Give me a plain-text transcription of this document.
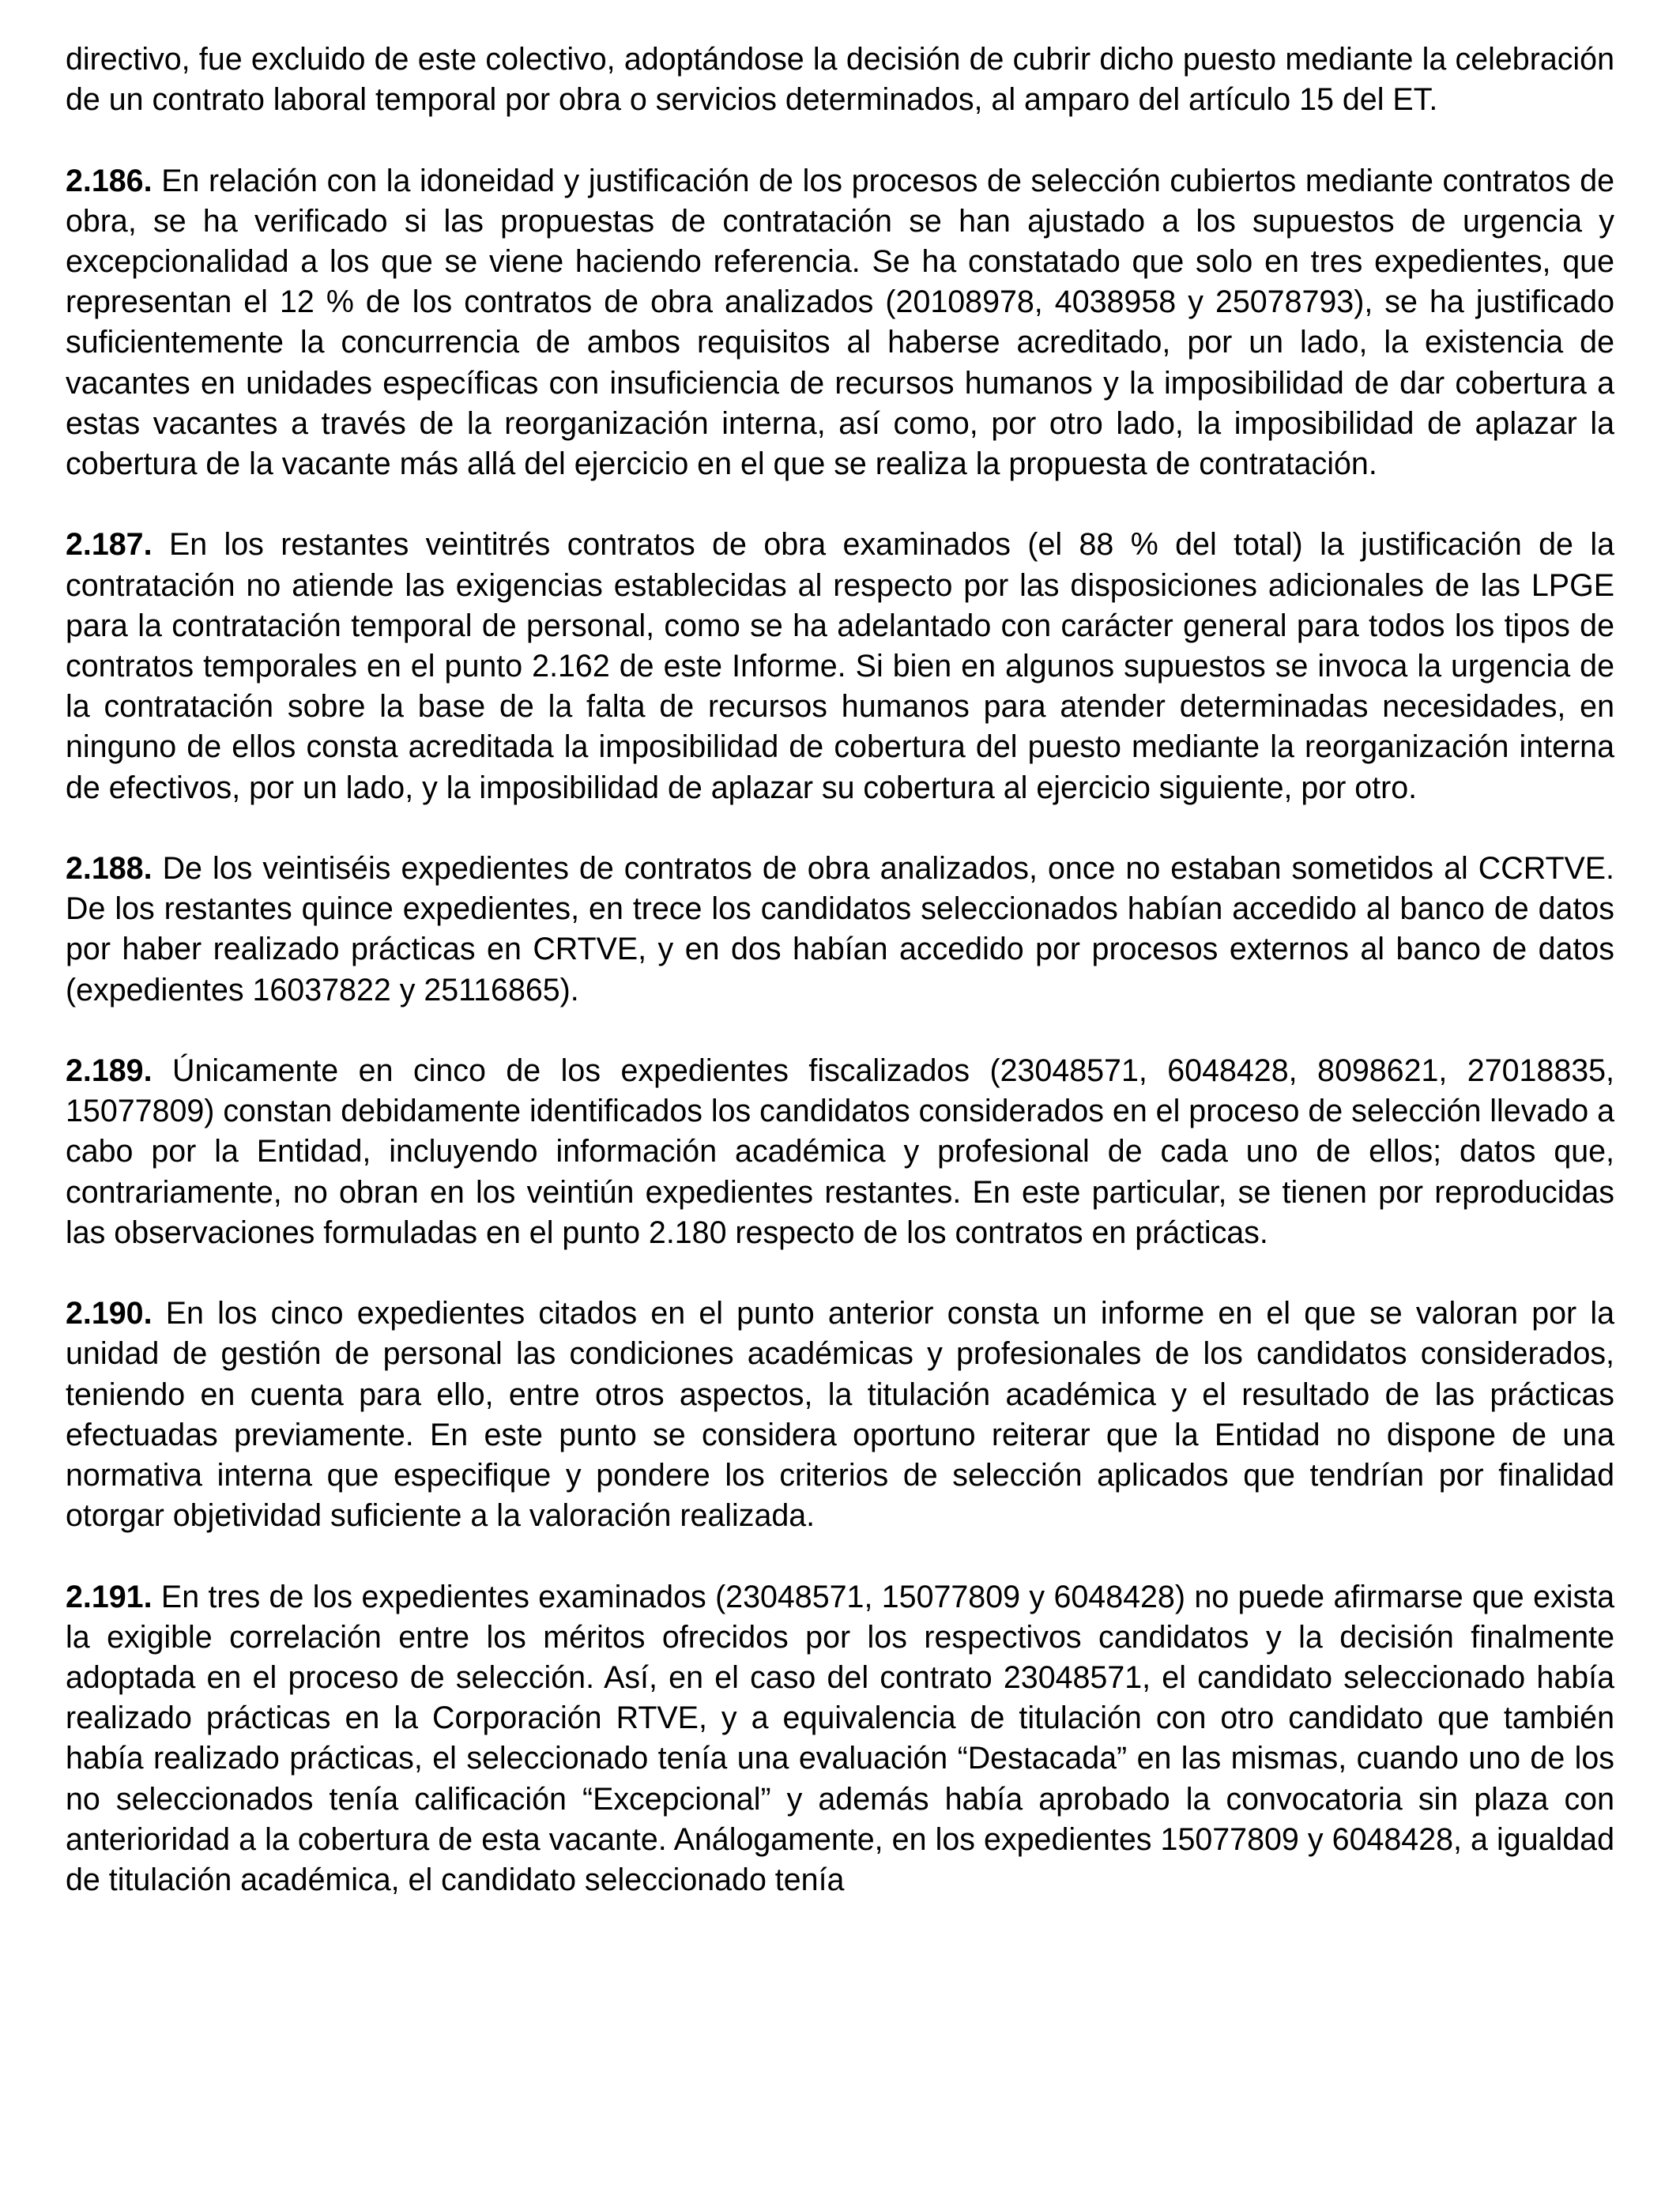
directivo, fue excluido de este colectivo, adoptándose la decisión de cubrir dicho puesto mediante la celebración de un contrato laboral temporal por obra o servicios determinados, al amparo del artículo 15 del ET.

2.186. En relación con la idoneidad y justificación de los procesos de selección cubiertos mediante contratos de obra, se ha verificado si las propuestas de contratación se han ajustado a los supuestos de urgencia y excepcionalidad a los que se viene haciendo referencia. Se ha constatado que solo en tres expedientes, que representan el 12 % de los contratos de obra analizados (20108978, 4038958 y 25078793), se ha justificado suficientemente la concurrencia de ambos requisitos al haberse acreditado, por un lado, la existencia de vacantes en unidades específicas con insuficiencia de recursos humanos y la imposibilidad de dar cobertura a estas vacantes a través de la reorganización interna, así como, por otro lado, la imposibilidad de aplazar la cobertura de la vacante más allá del ejercicio en el que se realiza la propuesta de contratación.

2.187. En los restantes veintitrés contratos de obra examinados (el 88 % del total) la justificación de la contratación no atiende las exigencias establecidas al respecto por las disposiciones adicionales de las LPGE para la contratación temporal de personal, como se ha adelantado con carácter general para todos los tipos de contratos temporales en el punto 2.162 de este Informe. Si bien en algunos supuestos se invoca la urgencia de la contratación sobre la base de la falta de recursos humanos para atender determinadas necesidades, en ninguno de ellos consta acreditada la imposibilidad de cobertura del puesto mediante la reorganización interna de efectivos, por un lado, y la imposibilidad de aplazar su cobertura al ejercicio siguiente, por otro.

2.188. De los veintiséis expedientes de contratos de obra analizados, once no estaban sometidos al CCRTVE. De los restantes quince expedientes, en trece los candidatos seleccionados habían accedido al banco de datos por haber realizado prácticas en CRTVE, y en dos habían accedido por procesos externos al banco de datos (expedientes 16037822 y 25116865).

2.189. Únicamente en cinco de los expedientes fiscalizados (23048571, 6048428, 8098621, 27018835, 15077809) constan debidamente identificados los candidatos considerados en el proceso de selección llevado a cabo por la Entidad, incluyendo información académica y profesional de cada uno de ellos; datos que, contrariamente, no obran en los veintiún expedientes restantes. En este particular, se tienen por reproducidas las observaciones formuladas en el punto 2.180 respecto de los contratos en prácticas.

2.190. En los cinco expedientes citados en el punto anterior consta un informe en el que se valoran por la unidad de gestión de personal las condiciones académicas y profesionales de los candidatos considerados, teniendo en cuenta para ello, entre otros aspectos, la titulación académica y el resultado de las prácticas efectuadas previamente. En este punto se considera oportuno reiterar que la Entidad no dispone de una normativa interna que especifique y pondere los criterios de selección aplicados que tendrían por finalidad otorgar objetividad suficiente a la valoración realizada.

2.191. En tres de los expedientes examinados (23048571, 15077809 y 6048428) no puede afirmarse que exista la exigible correlación entre los méritos ofrecidos por los respectivos candidatos y la decisión finalmente adoptada en el proceso de selección. Así, en el caso del contrato 23048571, el candidato seleccionado había realizado prácticas en la Corporación RTVE, y a equivalencia de titulación con otro candidato que también había realizado prácticas, el seleccionado tenía una evaluación “Destacada” en las mismas, cuando uno de los no seleccionados tenía calificación “Excepcional” y además había aprobado la convocatoria sin plaza con anterioridad a la cobertura de esta vacante. Análogamente, en los expedientes 15077809 y 6048428, a igualdad de titulación académica, el candidato seleccionado tenía
